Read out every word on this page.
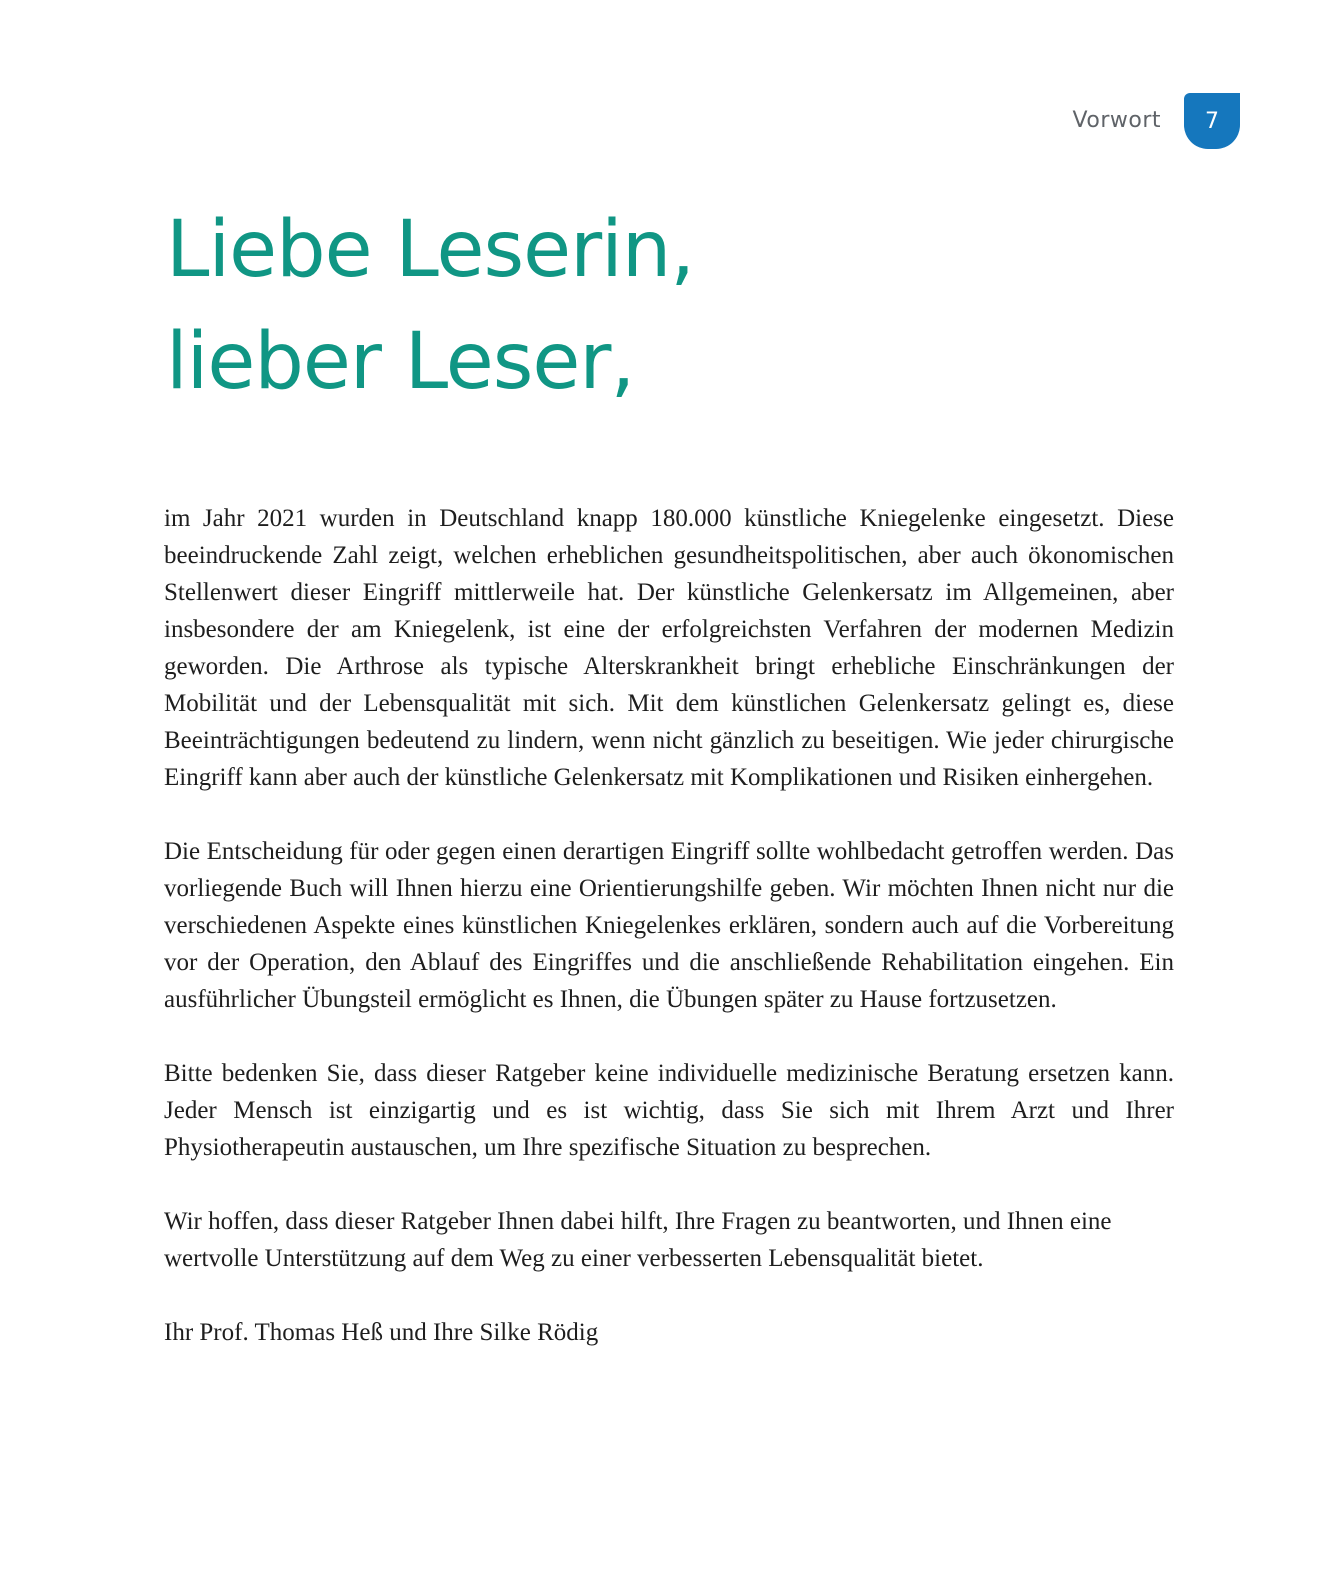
Vorwort 7
Liebe Leserin,
lieber Leser,

im Jahr 2021 wurden in Deutschland knapp 180.000 künstliche Kniegelenke eingesetzt. Diese beeindruckende Zahl zeigt, welchen erheblichen gesundheitspolitischen, aber auch ökonomischen Stellenwert dieser Eingriff mittlerweile hat. Der künstliche Gelenkersatz im Allgemeinen, aber insbesondere der am Kniegelenk, ist eine der erfolgreichsten Verfahren der modernen Medizin geworden. Die Arthrose als typische Alterskrankheit bringt erhebliche Einschränkungen der Mobilität und der Lebensqualität mit sich. Mit dem künstlichen Gelenkersatz gelingt es, diese Beeinträchtigungen bedeutend zu lindern, wenn nicht gänzlich zu beseitigen. Wie jeder chirurgische Eingriff kann aber auch der künstliche Gelenkersatz mit Komplikationen und Risiken einhergehen.

Die Entscheidung für oder gegen einen derartigen Eingriff sollte wohlbedacht getroffen werden. Das vorliegende Buch will Ihnen hierzu eine Orientierungshilfe geben. Wir möchten Ihnen nicht nur die verschiedenen Aspekte eines künstlichen Kniegelenkes erklären, sondern auch auf die Vorbereitung vor der Operation, den Ablauf des Eingriffes und die anschließende Rehabilitation eingehen. Ein ausführlicher Übungsteil ermöglicht es Ihnen, die Übungen später zu Hause fortzusetzen.

Bitte bedenken Sie, dass dieser Ratgeber keine individuelle medizinische Beratung ersetzen kann. Jeder Mensch ist einzigartig und es ist wichtig, dass Sie sich mit Ihrem Arzt und Ihrer Physiotherapeutin austauschen, um Ihre spezifische Situation zu besprechen.

Wir hoffen, dass dieser Ratgeber Ihnen dabei hilft, Ihre Fragen zu beantworten, und Ihnen eine wertvolle Unterstützung auf dem Weg zu einer verbesserten Lebensqualität bietet.

Ihr Prof. Thomas Heß und Ihre Silke Rödig
